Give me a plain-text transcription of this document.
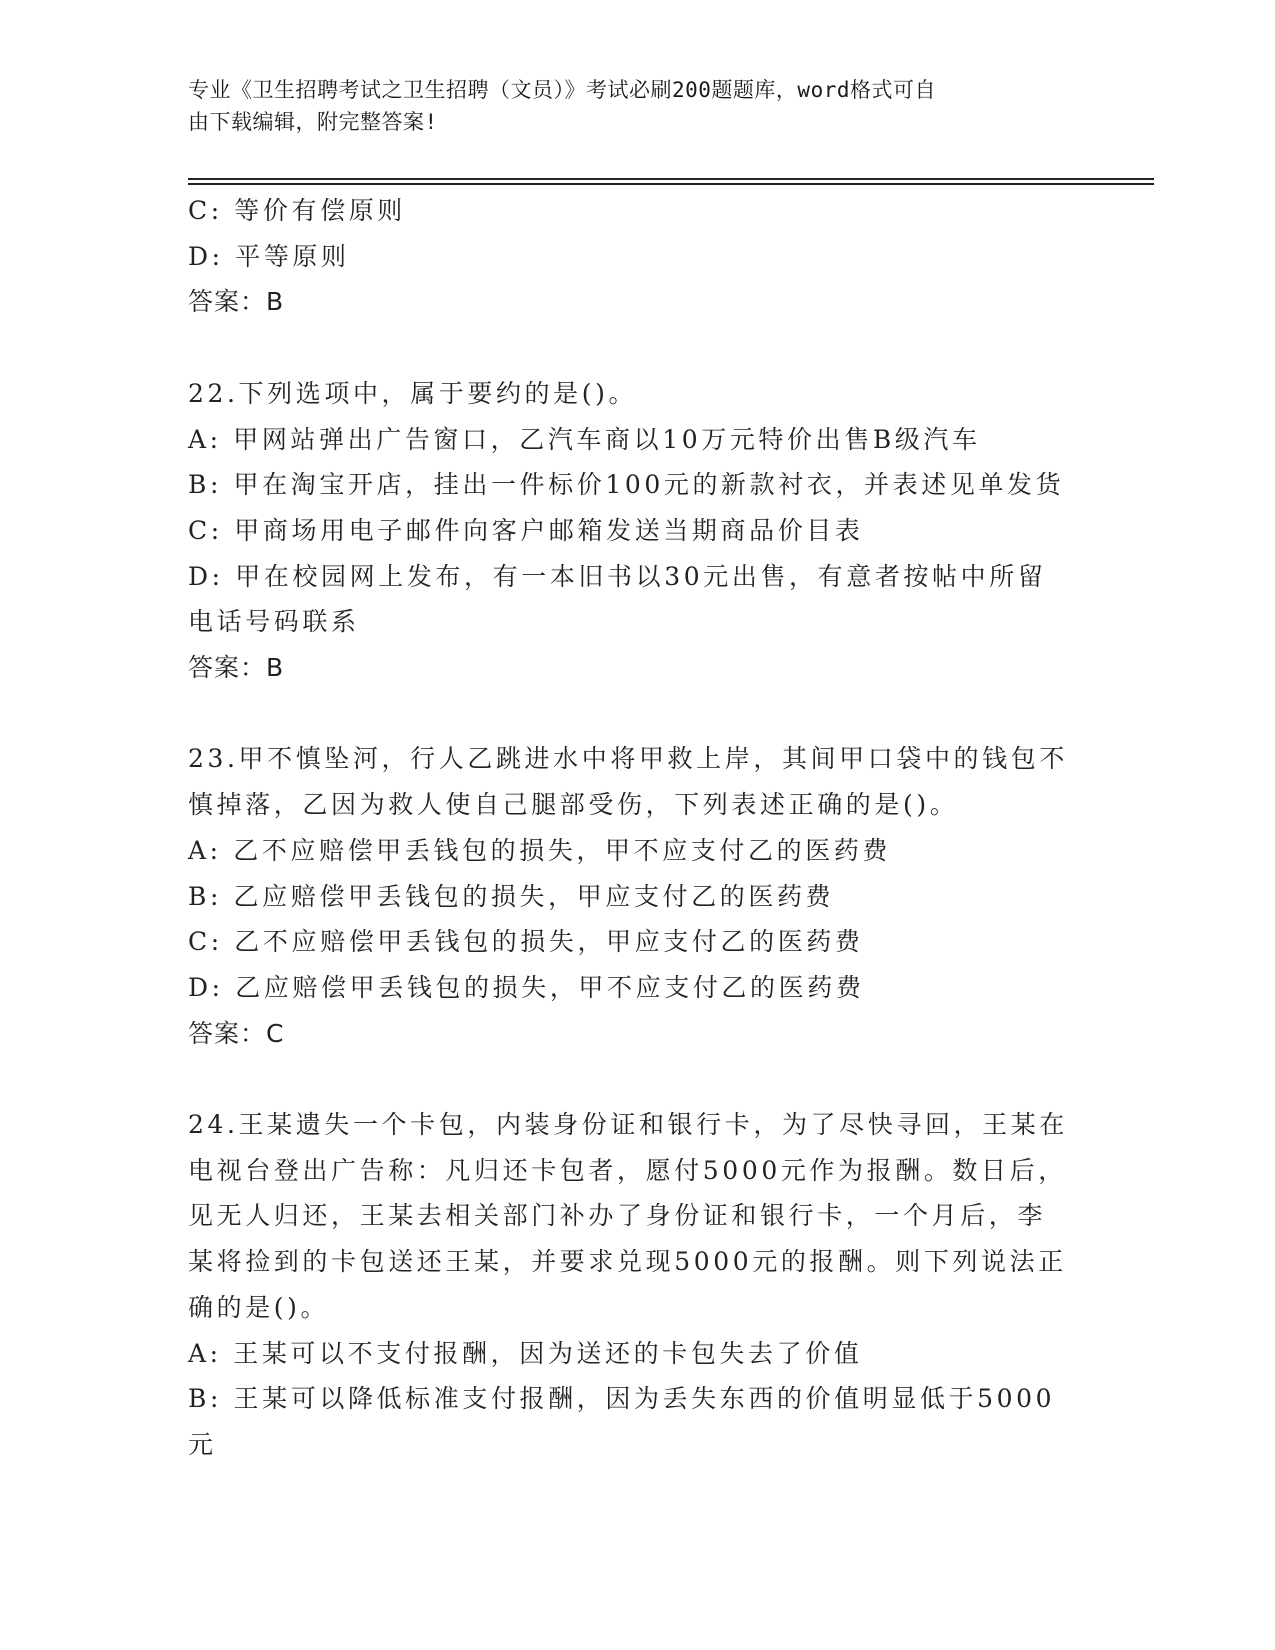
专业《卫生招聘考试之卫生招聘（文员）》考试必刷200题题库，word格式可自
由下载编辑，附完整答案!
C: 等价有偿原则
D: 平等原则
答案：B
22.下列选项中，属于要约的是()。
A: 甲网站弹出广告窗口，乙汽车商以10万元特价出售B级汽车
B: 甲在淘宝开店，挂出一件标价100元的新款衬衣，并表述见单发货
C: 甲商场用电子邮件向客户邮箱发送当期商品价目表
D: 甲在校园网上发布，有一本旧书以30元出售，有意者按帖中所留
电话号码联系
答案：B
23.甲不慎坠河，行人乙跳进水中将甲救上岸，其间甲口袋中的钱包不
慎掉落，乙因为救人使自己腿部受伤，下列表述正确的是()。
A: 乙不应赔偿甲丢钱包的损失，甲不应支付乙的医药费
B: 乙应赔偿甲丢钱包的损失，甲应支付乙的医药费
C: 乙不应赔偿甲丢钱包的损失，甲应支付乙的医药费
D: 乙应赔偿甲丢钱包的损失，甲不应支付乙的医药费
答案：C
24.王某遗失一个卡包，内装身份证和银行卡，为了尽快寻回，王某在
电视台登出广告称：凡归还卡包者，愿付5000元作为报酬。数日后，
见无人归还，王某去相关部门补办了身份证和银行卡，一个月后，李
某将捡到的卡包送还王某，并要求兑现5000元的报酬。则下列说法正
确的是()。
A: 王某可以不支付报酬，因为送还的卡包失去了价值
B: 王某可以降低标准支付报酬，因为丢失东西的价值明显低于5000
元
